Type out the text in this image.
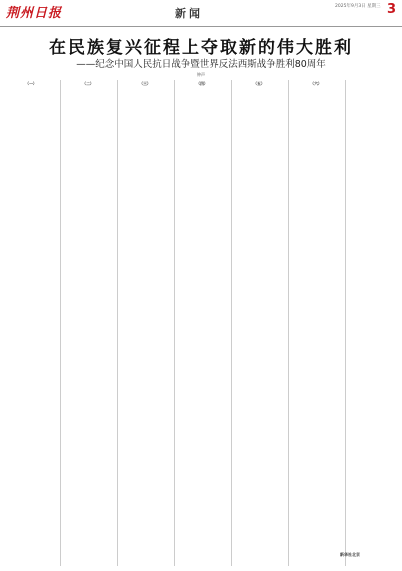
荆州日报	新闻
2025年9月3日 星期三 3
在民族复兴征程上夺取新的伟大胜利
——纪念中国人民抗日战争暨世界反法西斯战争胜利80周年
钟声
（一）	（二）	（三）	（四）	（五）	（六）
新华社北京
